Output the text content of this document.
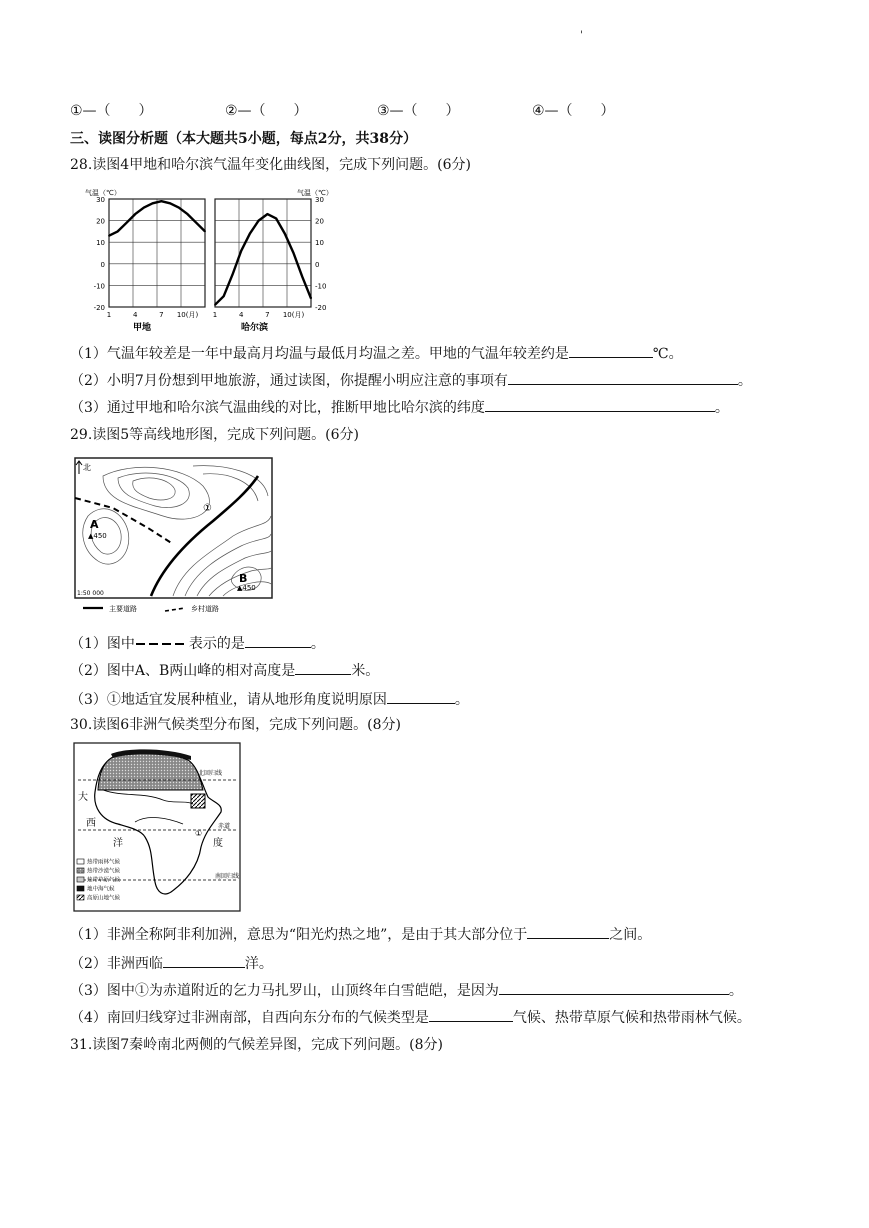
'
①—（　　）	②—（　　）	③—（　　）	④—（　　）
三、读图分析题（本大题共5小题，每点2分，共38分）
28.读图4甲地和哈尔滨气温年变化曲线图，完成下列问题。(6分)
气温（℃）	气温（℃）
30
20
10
0
-10
-20
1	4	7 10(月)
30
20
10
0
-10
-20
1	4	7 10(月)
甲地	哈尔滨
（1）气温年较差是一年中最高月均温与最低月均温之差。甲地的气温年较差约是	℃。
（2）小明7月份想到甲地旅游，通过读图，你提醒小明应注意的事项有	。
（3）通过甲地和哈尔滨气温曲线的对比，推断甲地比哈尔滨的纬度	。
29.读图5等高线地形图，完成下列问题。(6分)
北
A
▲450
B
▲450
①
1:50 000
主要道路	乡村道路
（1）图中	表示的是	。
（2）图中A、B两山峰的相对高度是	米。
（3）①地适宜发展种植业，请从地形角度说明原因	。
30.读图6非洲气候类型分布图，完成下列问题。(8分)
北回归线
赤道
南回归线
大
西
洋	度
①
热带雨林气候
热带沙漠气候
热带草原气候
地中海气候
高原山地气候
（1）非洲全称阿非利加洲，意思为“阳光灼热之地”，是由于其大部分位于	之间。
（2）非洲西临	洋。
（3）图中①为赤道附近的乞力马扎罗山，山顶终年白雪皑皑，是因为	。
（4）南回归线穿过非洲南部，自西向东分布的气候类型是	气候、热带草原气候和热带雨林气候。
31.读图7秦岭南北两侧的气候差异图，完成下列问题。(8分)
